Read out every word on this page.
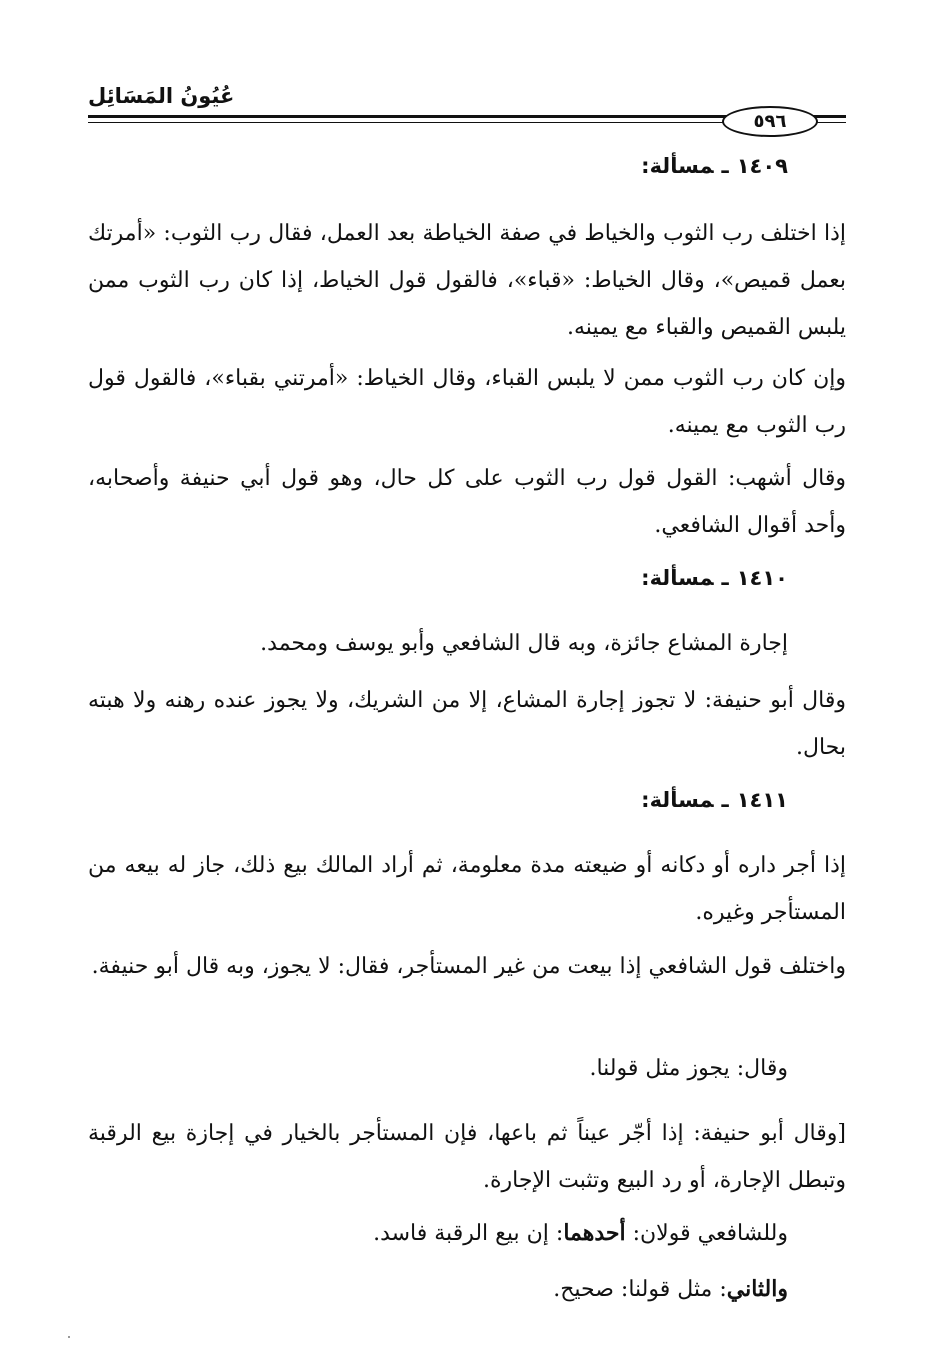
عُيُونُ المَسَائِل
٥٩٦
١٤٠٩ـمسألة:
إذا اختلف رب الثوب والخياط في صفة الخياطة بعد العمل، فقال رب الثوب: «أمرتك بعمل قميص»، وقال الخياط: «قباء»، فالقول قول الخياط، إذا كان رب الثوب ممن يلبس القميص والقباء مع يمينه.
وإن كان رب الثوب ممن لا يلبس القباء، وقال الخياط: «أمرتني بقباء»، فالقول قول رب الثوب مع يمينه.
وقال أشهب: القول قول رب الثوب على كل حال، وهو قول أبي حنيفة وأصحابه، وأحد أقوال الشافعي.
١٤١٠ـمسألة:
إجارة المشاع جائزة، وبه قال الشافعي وأبو يوسف ومحمد.
وقال أبو حنيفة: لا تجوز إجارة المشاع، إلا من الشريك، ولا يجوز عنده رهنه ولا هبته بحال.
١٤١١ـمسألة:
إذا أجر داره أو دكانه أو ضيعته مدة معلومة، ثم أراد المالك بيع ذلك، جاز له بيعه من المستأجر وغيره.
واختلف قول الشافعي إذا بيعت من غير المستأجر، فقال: لا يجوز، وبه قال أبو حنيفة.
وقال: يجوز مثل قولنا.
[وقال أبو حنيفة: إذا أجّر عيناً ثم باعها، فإن المستأجر بالخيار في إجازة بيع الرقبة وتبطل الإجارة، أو رد البيع وتثبت الإجارة.
وللشافعي قولان: أحدهما: إن بيع الرقبة فاسد.
والثاني: مثل قولنا: صحيح.
